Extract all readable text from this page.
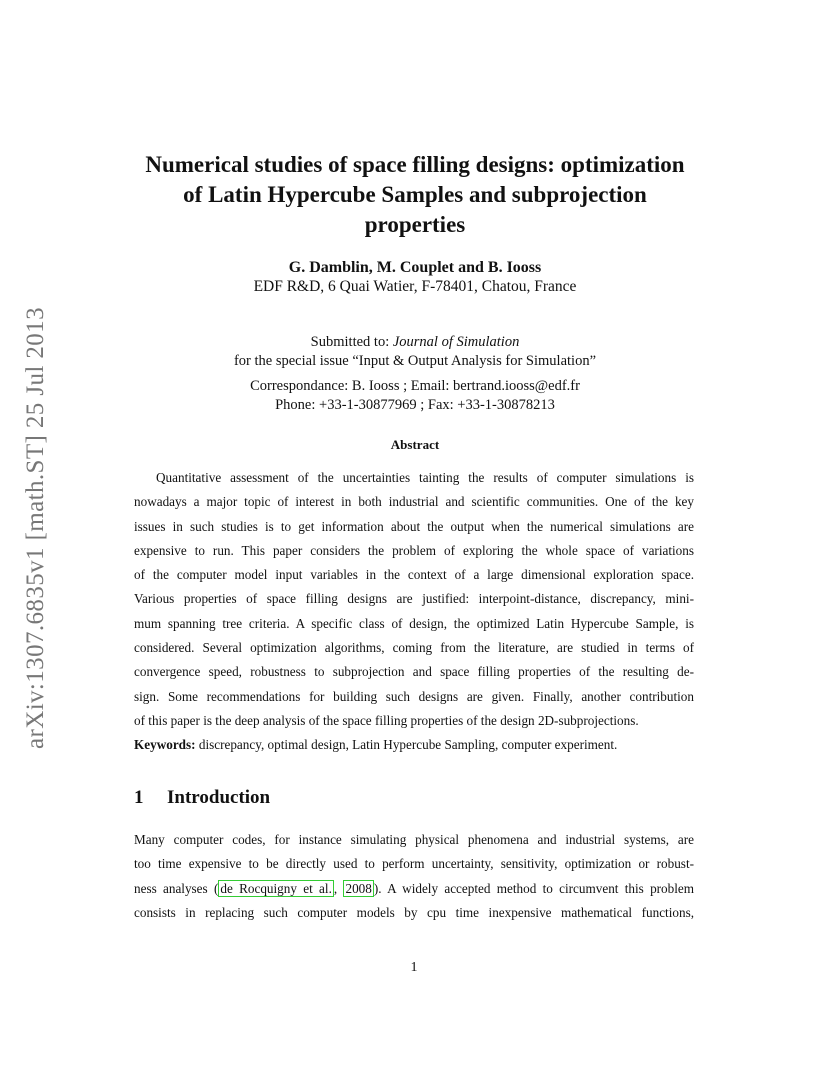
arXiv:1307.6835v1 [math.ST] 25 Jul 2013
Numerical studies of space filling designs: optimization
of Latin Hypercube Samples and subprojection
properties
G. Damblin, M. Couplet and B. Iooss
EDF R&D, 6 Quai Watier, F-78401, Chatou, France
Submitted to: Journal of Simulation
for the special issue “Input & Output Analysis for Simulation”
Correspondance: B. Iooss ; Email: bertrand.iooss@edf.fr
Phone: +33-1-30877969 ; Fax: +33-1-30878213
Abstract
Quantitative assessment of the uncertainties tainting the results of computer simulations is
nowadays a major topic of interest in both industrial and scientific communities. One of the key
issues in such studies is to get information about the output when the numerical simulations are
expensive to run. This paper considers the problem of exploring the whole space of variations
of the computer model input variables in the context of a large dimensional exploration space.
Various properties of space filling designs are justified: interpoint-distance, discrepancy, mini-
mum spanning tree criteria. A specific class of design, the optimized Latin Hypercube Sample, is
considered. Several optimization algorithms, coming from the literature, are studied in terms of
convergence speed, robustness to subprojection and space filling properties of the resulting de-
sign. Some recommendations for building such designs are given. Finally, another contribution
of this paper is the deep analysis of the space filling properties of the design 2D-subprojections.
Keywords: discrepancy, optimal design, Latin Hypercube Sampling, computer experiment.
1 Introduction
Many computer codes, for instance simulating physical phenomena and industrial systems, are
too time expensive to be directly used to perform uncertainty, sensitivity, optimization or robust-
ness analyses ( de Rocquigny et al. , 2008 ). A widely accepted method to circumvent this problem
consists in replacing such computer models by cpu time inexpensive mathematical functions,
1
